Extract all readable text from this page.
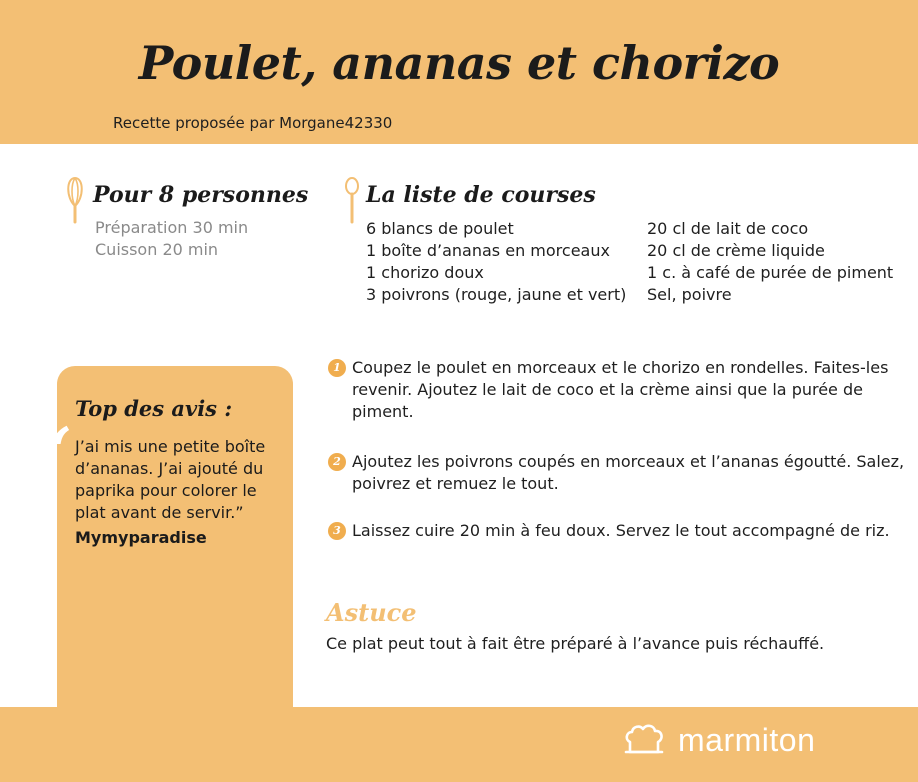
Poulet, ananas et chorizo
Recette proposée par Morgane42330
Pour 8 personnes
Préparation 30 min
Cuisson 20 min
La liste de courses
6 blancs de poulet
1 boîte d’ananas en morceaux
1 chorizo doux
3 poivrons (rouge, jaune et vert)
20 cl de lait de coco
20 cl de crème liquide
1 c. à café de purée de piment
Sel, poivre
Top des avis :
“ J’ai mis une petite boîte d’ananas. J’ai ajouté du paprika pour colorer le plat avant de servir.”
Mymyparadise
1 Coupez le poulet en morceaux et le chorizo en rondelles. Faites-les revenir. Ajoutez le lait de coco et la crème ainsi que la purée de piment.
2 Ajoutez les poivrons coupés en morceaux et l’ananas égoutté. Salez, poivrez et remuez le tout.
3 Laissez cuire 20 min à feu doux. Servez le tout accompagné de riz.
Astuce
Ce plat peut tout à fait être préparé à l’avance puis réchauffé.
marmiton
